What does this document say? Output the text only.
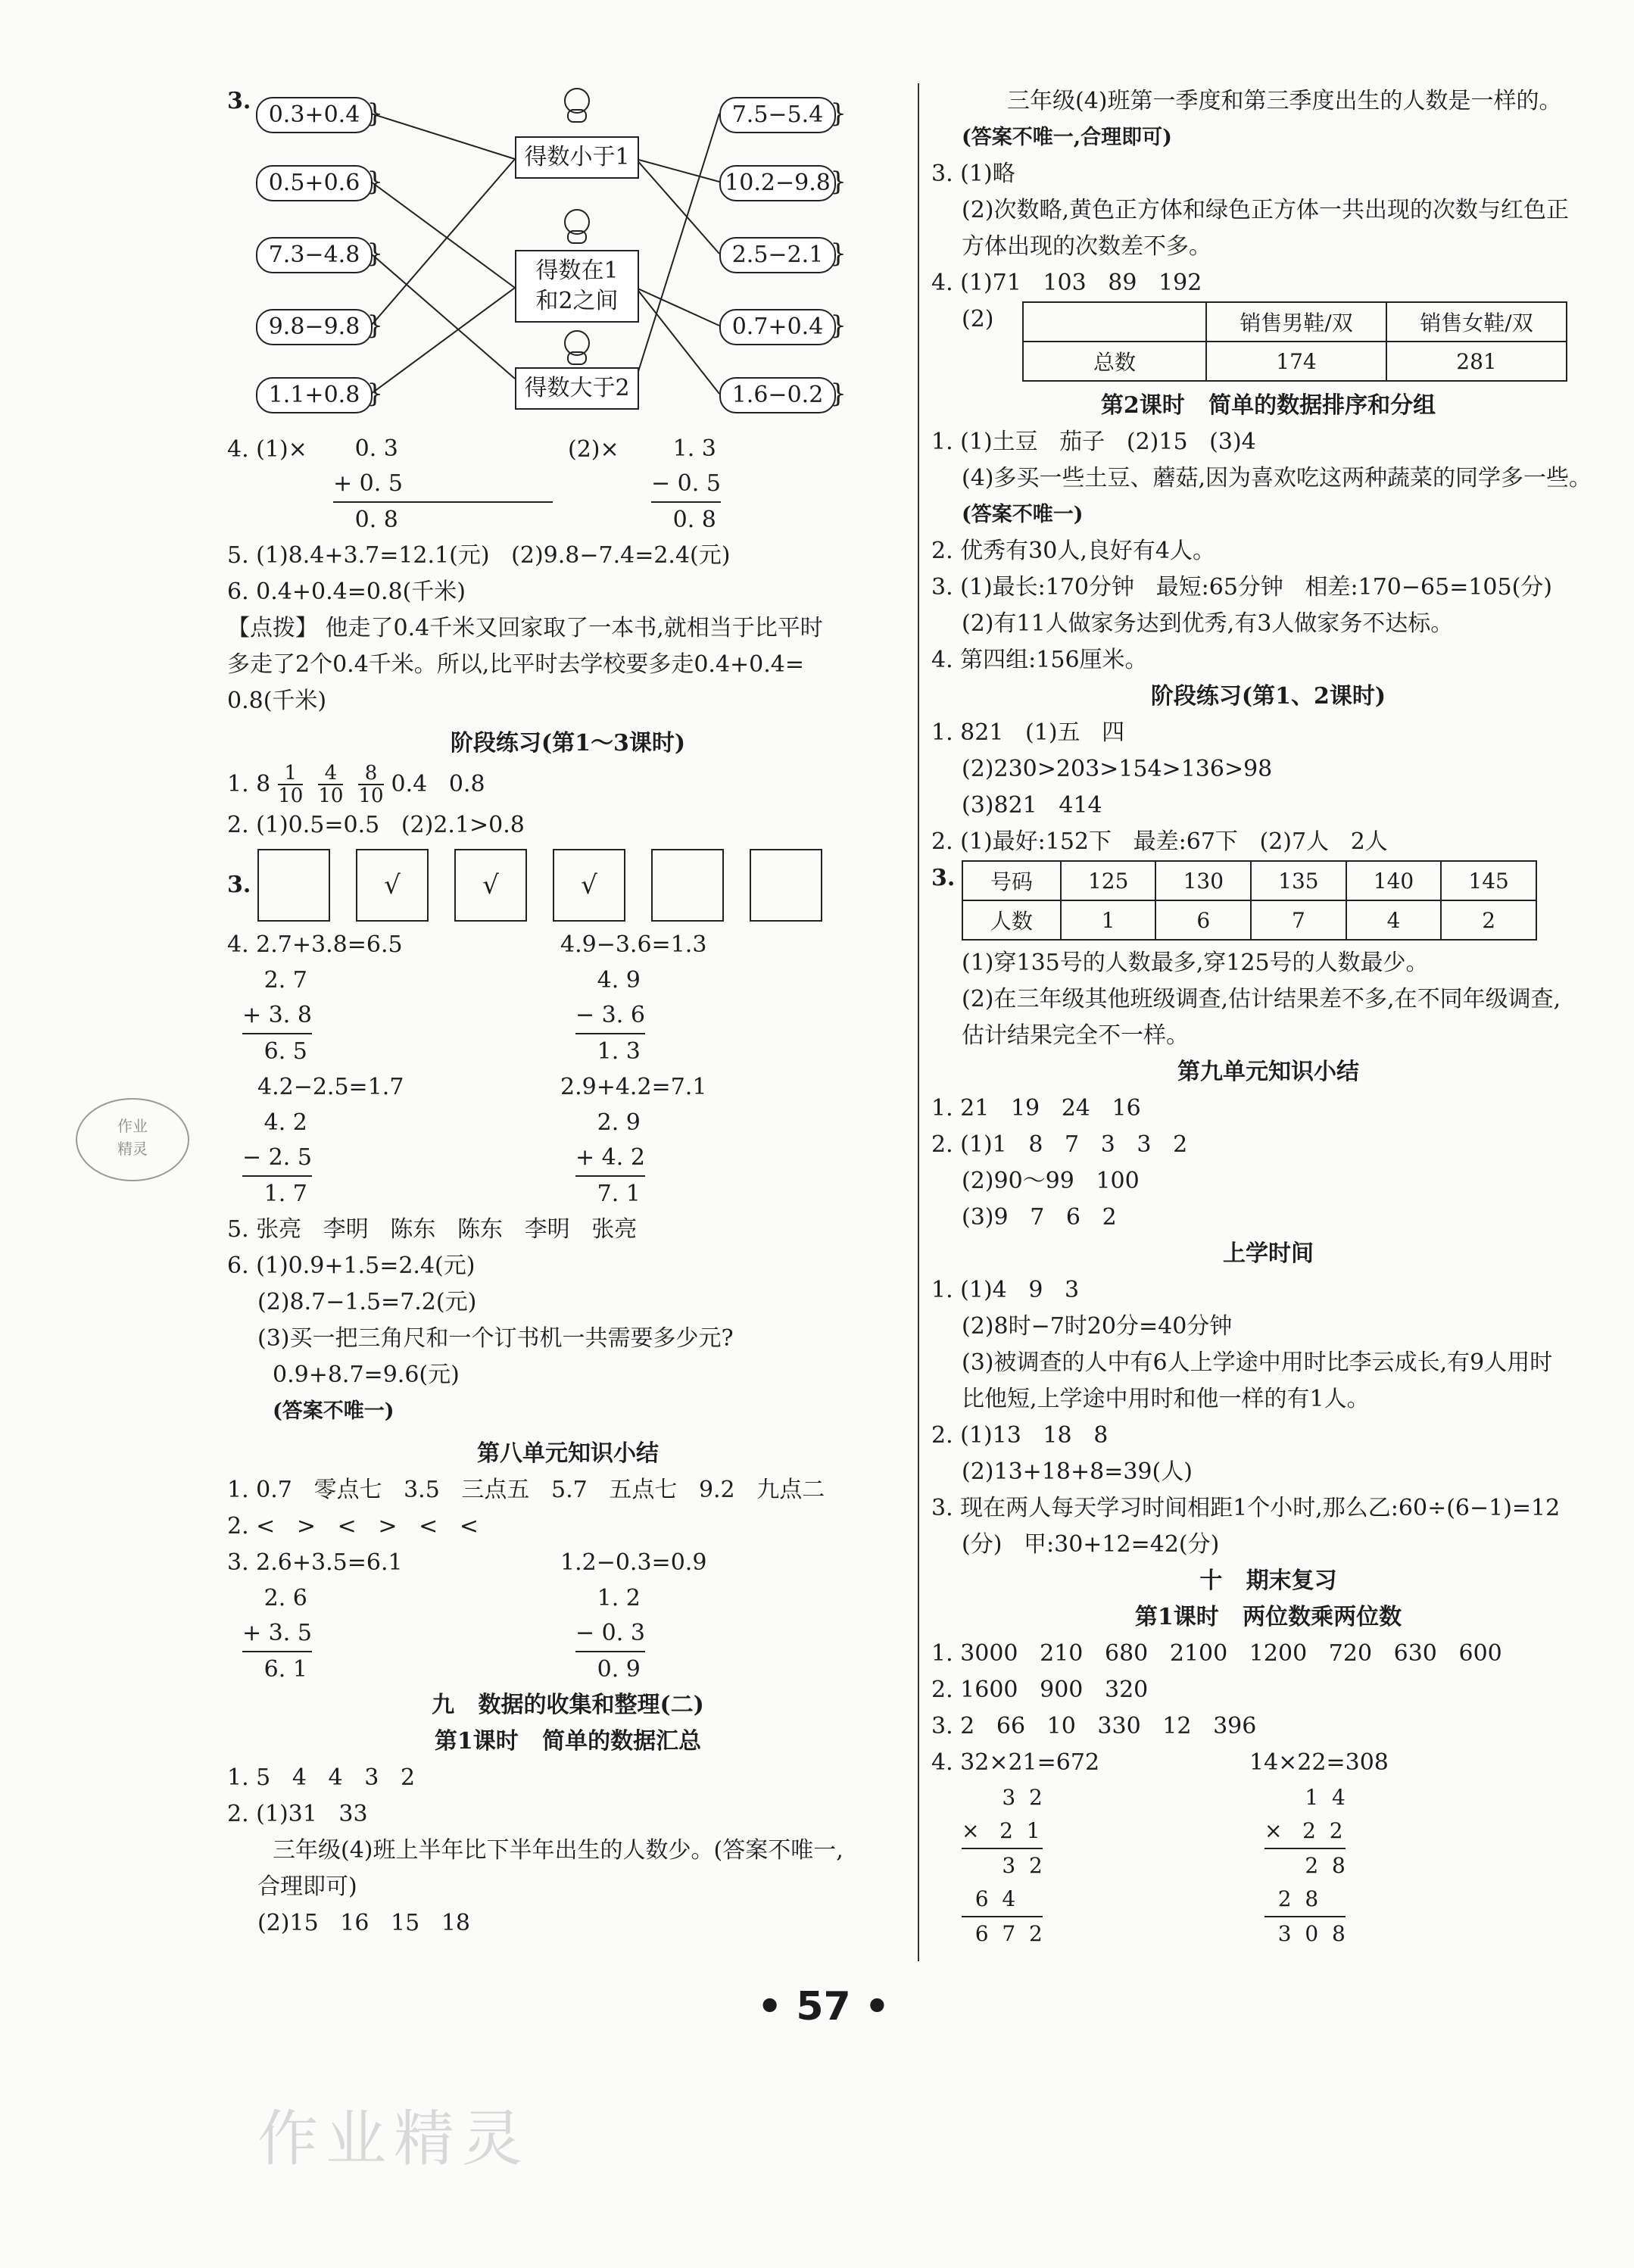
3.
0.3+0.4 }
0.5+0.6 }
7.3−4.8 }
9.8−9.8 }
1.1+0.8 }
得数小于1
得数在1
和2之间
得数大于2
7.5−5.4 }
10.2−9.8 }
2.5−2.1 }
0.7+0.4 }
1.6−0.2 }
4. (1)×	0. 3
+ 0. 5
0. 8
(2)×	1. 3
− 0. 5
0. 8
5. (1)8.4+3.7=12.1(元)   (2)9.8−7.4=2.4(元)
6. 0.4+0.4=0.8(千米)
【点拨】 他走了0.4千米又回家取了一本书,就相当于比平时
多走了2个0.4千米。所以,比平时去学校要多走0.4+0.4=
0.8(千米)
阶段练习(第1～3课时)
1. $8 \frac{1}{10} \frac{4}{10} \frac{8}{10} 0.4$   0.8
2. (1)0.5=0.5   (2)2.1>0.8
3.	√	√	√
4. 2.7+3.8=6.5
2. 7
+ 3. 8
6. 5
4.9−3.6=1.3
4. 9
− 3. 6
1. 3
4.2−2.5=1.7
4. 2
− 2. 5
1. 7
2.9+4.2=7.1
2. 9
+ 4. 2
7. 1
5. 张亮   李明   陈东   陈东   李明   张亮
6. (1)0.9+1.5=2.4(元)
(2)8.7−1.5=7.2(元)
(3)买一把三角尺和一个订书机一共需要多少元?
0.9+8.7=9.6(元)
(答案不唯一)
第八单元知识小结
1. 0.7   零点七   3.5   三点五   5.7   五点七   9.2   九点二
2. <   >   <   >   <   <
3. 2.6+3.5=6.1
2. 6
+ 3. 5
6. 1
1.2−0.3=0.9
1. 2
− 0. 3
0. 9
九   数据的收集和整理(二)
第1课时   简单的数据汇总
1. 5   4   4   3   2
2. (1)31   33
三年级(4)班上半年比下半年出生的人数少。(答案不唯一,
合理即可)
(2)15   16   15   18
三年级(4)班第一季度和第三季度出生的人数是一样的。
(答案不唯一,合理即可)
3. (1)略
(2)次数略,黄色正方体和绿色正方体一共出现的次数与红色正
方体出现的次数差不多。
4. (1)71   103   89   192
(2)
		销售男鞋/双	销售女鞋/双
总数	174	281
第2课时   简单的数据排序和分组
1. (1)土豆   茄子   (2)15   (3)4
(4)多买一些土豆、蘑菇,因为喜欢吃这两种蔬菜的同学多一些。
(答案不唯一)
2. 优秀有30人,良好有4人。
3. (1)最长:170分钟   最短:65分钟   相差:170−65=105(分)
(2)有11人做家务达到优秀,有3人做家务不达标。
4. 第四组:156厘米。
阶段练习(第1、2课时)
1. 821   (1)五   四
(2)230>203>154>136>98
(3)821   414
2. (1)最好:152下   最差:67下   (2)7人   2人
3.	号码	125	130	135	140	145
人数	1	6	7	4	2
(1)穿135号的人数最多,穿125号的人数最少。
(2)在三年级其他班级调查,估计结果差不多,在不同年级调查,
估计结果完全不一样。
第九单元知识小结
1. 21   19   24   16
2. (1)1   8   7   3   3   2
(2)90～99   100
(3)9   7   6   2
上学时间
1. (1)4   9   3
(2)8时−7时20分=40分钟
(3)被调查的人中有6人上学途中用时比李云成长,有9人用时
比他短,上学途中用时和他一样的有1人。
2. (1)13   18   8
(2)13+18+8=39(人)
3. 现在两人每天学习时间相距1个小时,那么乙:60÷(6−1)=12
(分)   甲:30+12=42(分)
十   期末复习
第1课时   两位数乘两位数
1. 3000   210   680   2100   1200   720   630   600
2. 1600   900   320
3. 2   66   10   330   12   396
4. 32×21=672
3  2
×   2  1
3  2
6  4
6  7  2
14×22=308
1  4
×   2  2
2  8
2  8
3  0  8
作业
精灵
• 57 •
作业精灵
